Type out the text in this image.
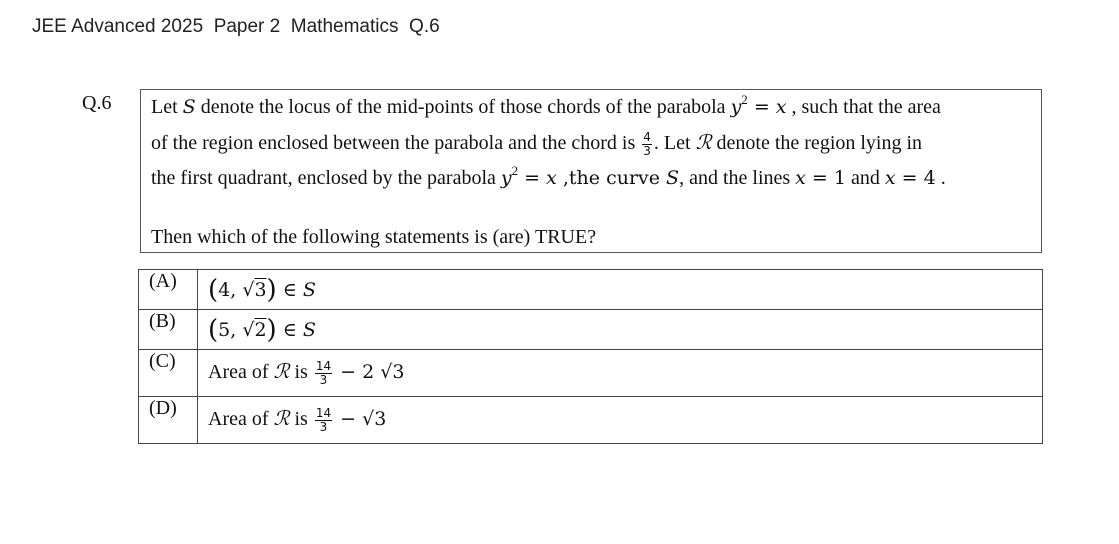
JEE Advanced 2025  Paper 2  Mathematics  Q.6
Q.6 Let S denote the locus of the mid-points of those chords of the parabola $y^2 = x$ , such that the area
of the region enclosed between the parabola and the chord is $\frac{4}{3}$ . Let ℛ denote the region lying in
the first quadrant, enclosed by the parabola $y^2 = x$ ,the curve S, and the lines x = 1 and x = 4 .
Then which of the following statements is (are) TRUE?
(A)	(4, √3) ∈ S
(B)	(5, √2) ∈ S
(C)	Area of ℛ is $\frac{14}{3} - 2$ √3
(D)	Area of ℛ is $\frac{14}{3} - √3$
